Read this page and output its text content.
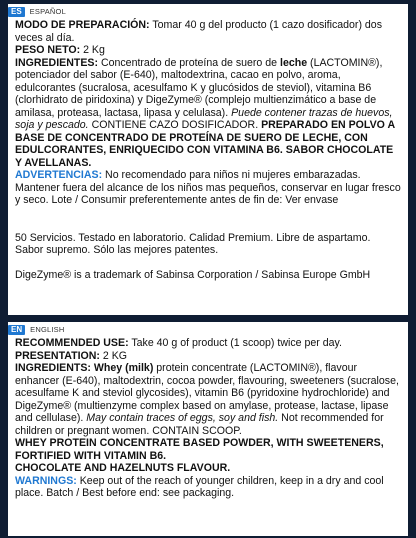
ES	ESPAÑOL

MODO DE PREPARACIÓN: Tomar 40 g del producto (1 cazo dosificador) dos veces al día.

PESO NETO: 2 Kg

INGREDIENTES: Concentrado de proteína de suero de leche (LACTOMIN®), potenciador del sabor (E-640), maltodextrina, cacao en polvo, aroma, edulcorantes (sucralosa, acesulfamo K y glucósidos de steviol), vitamina B6 (clorhidrato de piridoxina) y DigeZyme® (complejo multienzimático a base de amilasa, proteasa, lactasa, lipasa y celulasa). Puede contener trazas de huevos, soja y pescado. CONTIENE CAZO DOSIFICADOR. PREPARADO EN POLVO A BASE DE CONCENTRADO DE PROTEÍNA DE SUERO DE LECHE, CON EDULCORANTES, ENRIQUECIDO CON VITAMINA B6. SABOR CHOCOLATE Y AVELLANAS.

ADVERTENCIAS: No recomendado para niños ni mujeres embarazadas. Mantener fuera del alcance de los niños mas pequeños, conservar en lugar fresco y seco. Lote / Consumir preferentemente antes de fin de: Ver envase

50 Servicios. Testado en laboratorio. Calidad Premium. Libre de aspartamo. Sabor supremo. Sólo las mejores patentes.

DigeZyme® is a trademark of Sabinsa Corporation / Sabinsa Europe GmbH

EN	ENGLISH

RECOMMENDED USE: Take 40 g of product (1 scoop) twice per day.

PRESENTATION: 2 KG

INGREDIENTS: Whey (milk) protein concentrate (LACTOMIN®), flavour enhancer (E-640), maltodextrin, cocoa powder, flavouring, sweeteners (sucralose, acesulfame K and steviol glycosides), vitamin B6 (pyridoxine hydrochloride) and DigeZyme® (multienzyme complex based on amylase, protease, lactase, lipase and cellulase). May contain traces of eggs, soy and fish. Not recommended for children or pregnant women. CONTAIN SCOOP.

WHEY PROTEIN CONCENTRATE BASED POWDER, WITH SWEETENERS, FORTIFIED WITH VITAMIN B6.

CHOCOLATE AND HAZELNUTS FLAVOUR.

WARNINGS: Keep out of the reach of younger children, keep in a dry and cool place. Batch / Best before end: see packaging.
